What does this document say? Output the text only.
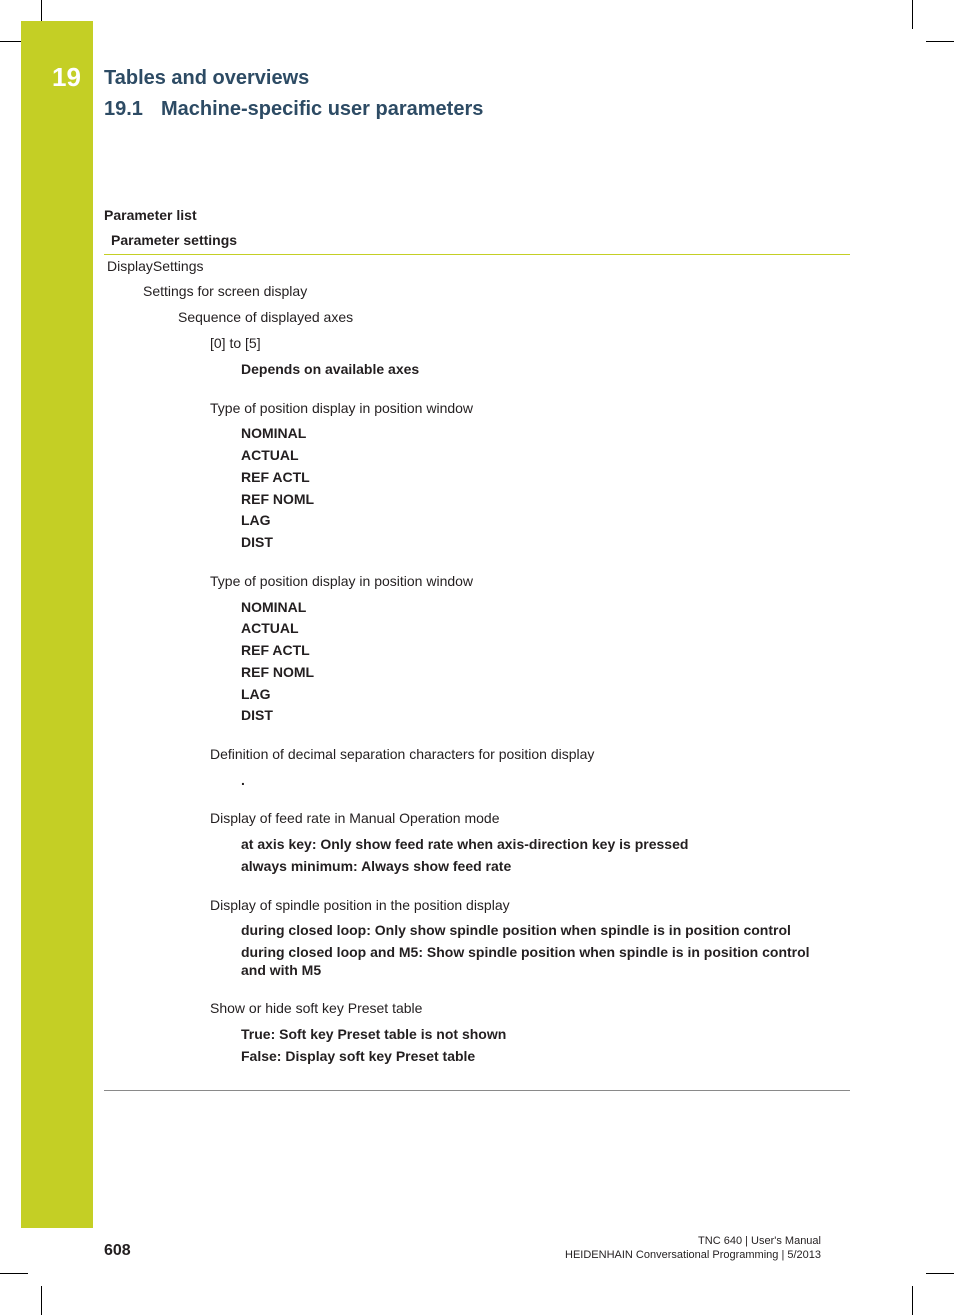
19 Tables and overviews
19.1 Machine-specific user parameters
Parameter list
Parameter settings
DisplaySettings
Settings for screen display
Sequence of displayed axes
[0] to [5]
Depends on available axes
Type of position display in position window
NOMINAL
ACTUAL
REF ACTL
REF NOML
LAG
DIST
Type of position display in position window
NOMINAL
ACTUAL
REF ACTL
REF NOML
LAG
DIST
Definition of decimal separation characters for position display
.
Display of feed rate in Manual Operation mode
at axis key: Only show feed rate when axis-direction key is pressed
always minimum: Always show feed rate
Display of spindle position in the position display
during closed loop: Only show spindle position when spindle is in position control
during closed loop and M5: Show spindle position when spindle is in position control and with M5
Show or hide soft key Preset table
True: Soft key Preset table is not shown
False: Display soft key Preset table
608
TNC 640 | User's Manual
HEIDENHAIN Conversational Programming | 5/2013
